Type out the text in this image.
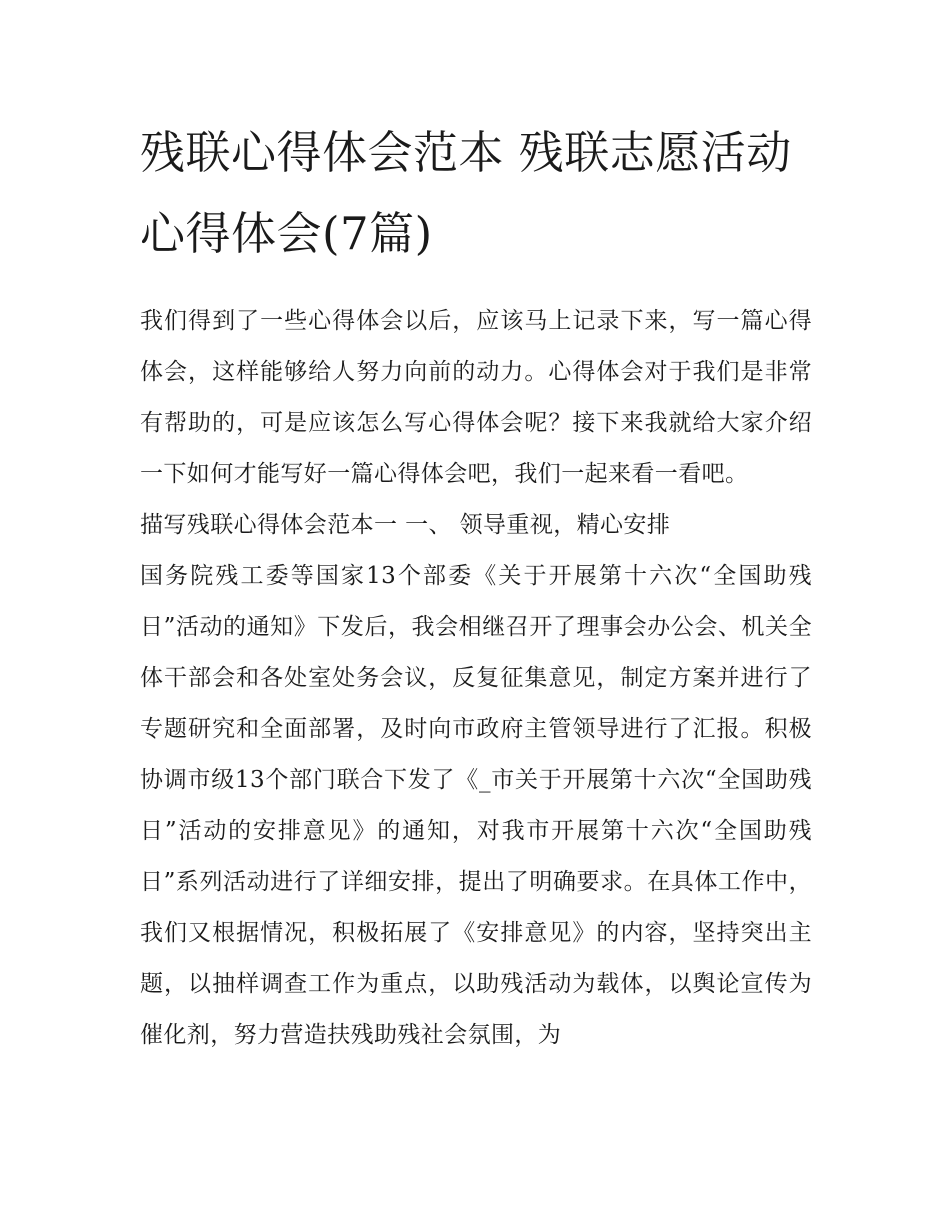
残联心得体会范本 残联志愿活动心得体会(7篇)

我们得到了一些心得体会以后，应该马上记录下来，写一篇心得体会，这样能够给人努力向前的动力。心得体会对于我们是非常有帮助的，可是应该怎么写心得体会呢？接下来我就给大家介绍一下如何才能写好一篇心得体会吧，我们一起来看一看吧。

描写残联心得体会范本一 一、 领导重视，精心安排

国务院残工委等国家13个部委《关于开展第十六次“全国助残日”活动的通知》下发后，我会相继召开了理事会办公会、机关全体干部会和各处室处务会议，反复征集意见，制定方案并进行了专题研究和全面部署，及时向市政府主管领导进行了汇报。积极协调市级13个部门联合下发了《_市关于开展第十六次“全国助残日”活动的安排意见》的通知，对我市开展第十六次“全国助残日”系列活动进行了详细安排，提出了明确要求。在具体工作中，我们又根据情况，积极拓展了《安排意见》的内容，坚持突出主题，以抽样调查工作为重点，以助残活动为载体，以舆论宣传为催化剂，努力营造扶残助残社会氛围，为
